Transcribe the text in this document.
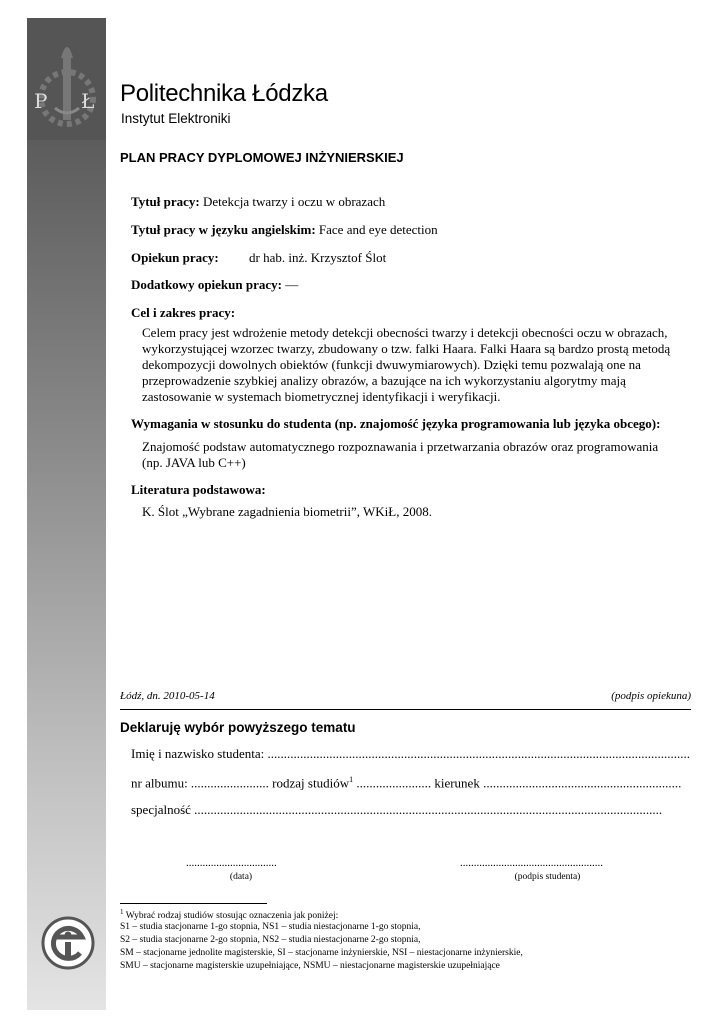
P Ł Politechnika Łódzka
Instytut Elektroniki
PLAN PRACY DYPLOMOWEJ INŻYNIERSKIEJ
Tytuł pracy: Detekcja twarzy i oczu w obrazach
Tytuł pracy w języku angielskim: Face and eye detection
Opiekun pracy: dr hab. inż. Krzysztof Ślot
Dodatkowy opiekun pracy: —
Cel i zakres pracy:
Celem pracy jest wdrożenie metody detekcji obecności twarzy i detekcji obecności oczu w obrazach,
wykorzystującej wzorzec twarzy, zbudowany o tzw. falki Haara. Falki Haara są bardzo prostą metodą
dekompozycji dowolnych obiektów (funkcji dwuwymiarowych). Dzięki temu pozwalają one na
przeprowadzenie szybkiej analizy obrazów, a bazujące na ich wykorzystaniu algorytmy mają
zastosowanie w systemach biometrycznej identyfikacji i weryfikacji.
Wymagania w stosunku do studenta (np. znajomość języka programowania lub języka obcego):
Znajomość podstaw automatycznego rozpoznawania i przetwarzania obrazów oraz programowania
(np. JAVA lub C++)
Literatura podstawowa:
K. Ślot „Wybrane zagadnienia biometrii”, WKiŁ, 2008.
Łódź, dn. 2010-05-14	(podpis opiekuna)
Deklaruję wybór powyższego tematu
Imię i nazwisko studenta: ..................................................................................................................................
nr albumu: ........................ rodzaj studiów$^1$ ....................... kierunek .............................................................
specjalność ................................................................................................................................................
.................................
(data)
....................................................
(podpis studenta)
$^1$ Wybrać rodzaj studiów stosując oznaczenia jak poniżej:
S1 – studia stacjonarne 1-go stopnia, NS1 – studia niestacjonarne 1-go stopnia,
S2 – studia stacjonarne 2-go stopnia, NS2 – studia niestacjonarne 2-go stopnia,
SM – stacjonarne jednolite magisterskie, SI – stacjonarne inżynierskie, NSI – niestacjonarne inżynierskie,
SMU – stacjonarne magisterskie uzupełniające, NSMU – niestacjonarne magisterskie uzupełniające
